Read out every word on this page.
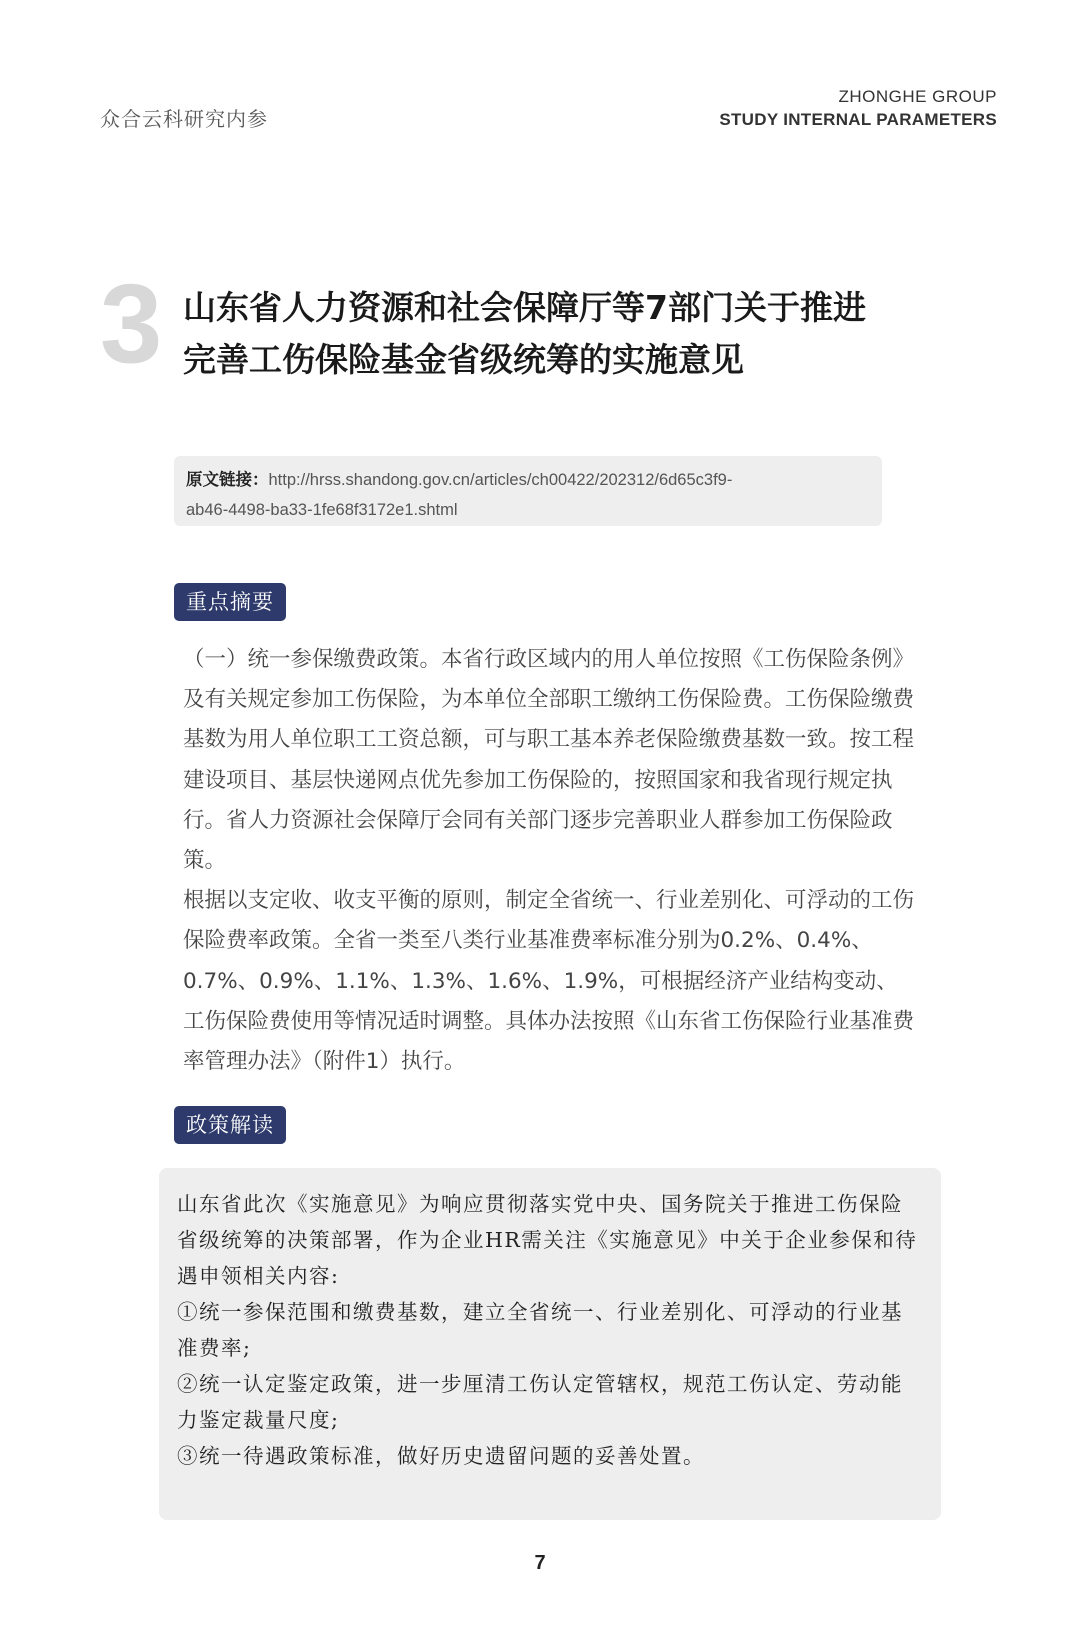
众合云科研究内参
ZHONGHE GROUP
STUDY INTERNAL PARAMETERS
3 山东省人力资源和社会保障厅等7部门关于推进
完善工伤保险基金省级统筹的实施意见
原文链接：http://hrss.shandong.gov.cn/articles/ch00422/202312/6d65c3f9-
ab46-4498-ba33-1fe68f3172e1.shtml
重点摘要

（一）统一参保缴费政策。本省行政区域内的用人单位按照《工伤保险条例》及有关规定参加工伤保险，为本单位全部职工缴纳工伤保险费。工伤保险缴费基数为用人单位职工工资总额，可与职工基本养老保险缴费基数一致。按工程建设项目、基层快递网点优先参加工伤保险的，按照国家和我省现行规定执行。省人力资源社会保障厅会同有关部门逐步完善职业人群参加工伤保险政策。

根据以支定收、收支平衡的原则，制定全省统一、行业差别化、可浮动的工伤保险费率政策。全省一类至八类行业基准费率标准分别为0.2%、0.4%、0.7%、0.9%、1.1%、1.3%、1.6%、1.9%，可根据经济产业结构变动、工伤保险费使用等情况适时调整。具体办法按照《山东省工伤保险行业基准费率管理办法》（附件1）执行。

政策解读

山东省此次《实施意见》为响应贯彻落实党中央、国务院关于推进工伤保险省级统筹的决策部署，作为企业HR需关注《实施意见》中关于企业参保和待遇申领相关内容:

①统一参保范围和缴费基数，建立全省统一、行业差别化、可浮动的行业基准费率;

②统一认定鉴定政策，进一步厘清工伤认定管辖权，规范工伤认定、劳动能力鉴定裁量尺度;

③统一待遇政策标准，做好历史遗留问题的妥善处置。

7
